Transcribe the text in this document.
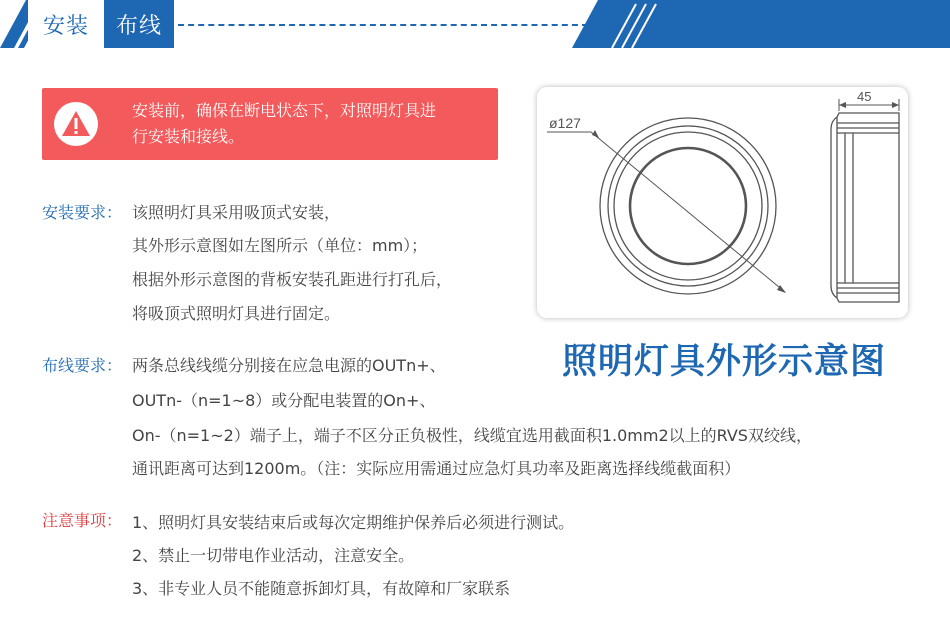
安装	布线
安装前，确保在断电状态下，对照明灯具进
行安装和接线。
安装要求： 该照明灯具采用吸顶式安装，
其外形示意图如左图所示（单位：mm）；
根据外形示意图的背板安装孔距进行打孔后，
将吸顶式照明灯具进行固定。
布线要求： 两条总线线缆分别接在应急电源的OUTn+、
OUTn-（n=1~8）或分配电装置的On+、
On-（n=1~2）端子上，端子不区分正负极性，线缆宜选用截面积1.0mm2以上的RVS双绞线，
通讯距离可达到1200m。（注：实际应用需通过应急灯具功率及距离选择线缆截面积）
注意事项： 1、照明灯具安装结束后或每次定期维护保养后必须进行测试。
2、禁止一切带电作业活动，注意安全。
3、非专业人员不能随意拆卸灯具，有故障和厂家联系
ø127
45
照明灯具外形示意图
